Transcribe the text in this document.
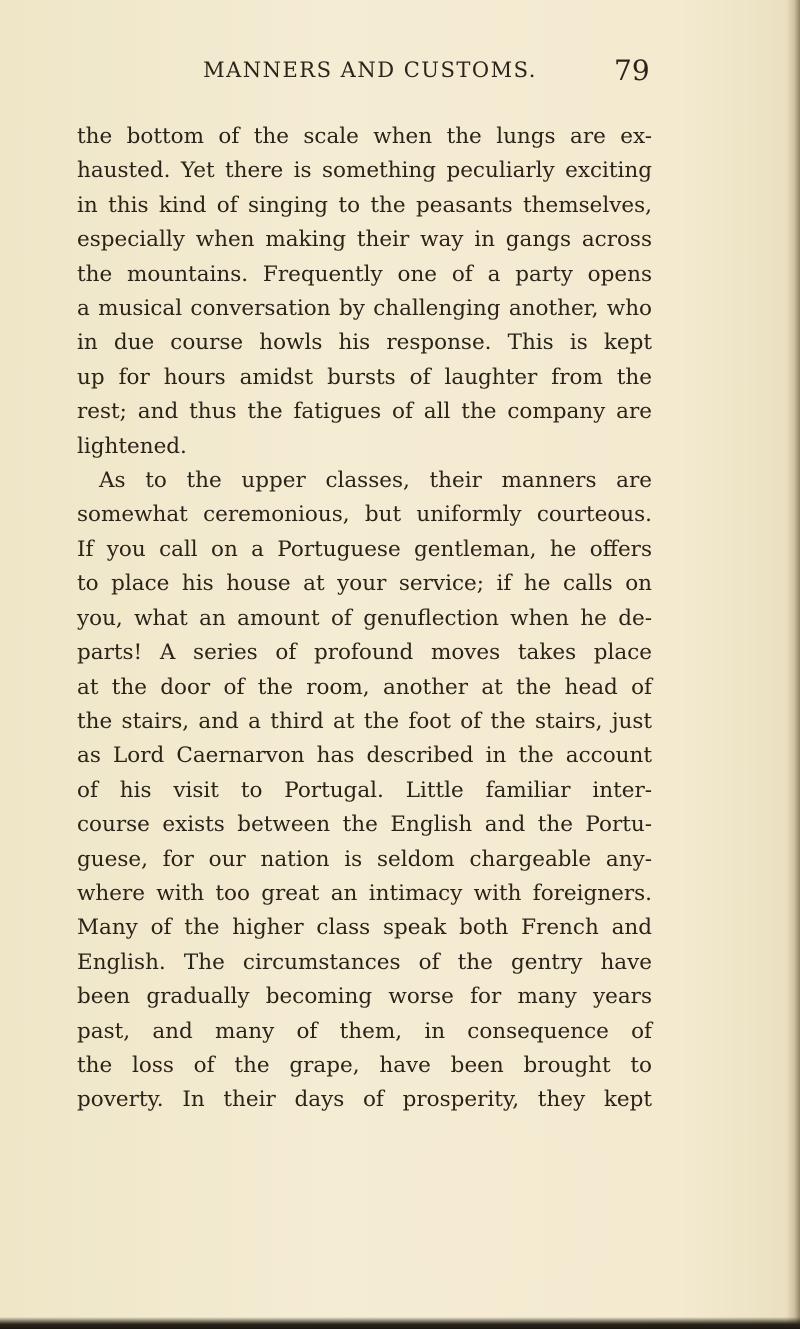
MANNERS AND CUSTOMS.	79
the bottom of the scale when the lungs are ex-
hausted. Yet there is something peculiarly exciting
in this kind of singing to the peasants themselves,
especially when making their way in gangs across
the mountains. Frequently one of a party opens
a musical conversation by challenging another, who
in due course howls his response. This is kept
up for hours amidst bursts of laughter from the
rest; and thus the fatigues of all the company are
lightened.
As to the upper classes, their manners are
somewhat ceremonious, but uniformly courteous.
If you call on a Portuguese gentleman, he offers
to place his house at your service; if he calls on
you, what an amount of genuflection when he de-
parts! A series of profound moves takes place
at the door of the room, another at the head of
the stairs, and a third at the foot of the stairs, just
as Lord Caernarvon has described in the account
of his visit to Portugal. Little familiar inter-
course exists between the English and the Portu-
guese, for our nation is seldom chargeable any-
where with too great an intimacy with foreigners.
Many of the higher class speak both French and
English. The circumstances of the gentry have
been gradually becoming worse for many years
past, and many of them, in consequence of
the loss of the grape, have been brought to
poverty. In their days of prosperity, they kept
